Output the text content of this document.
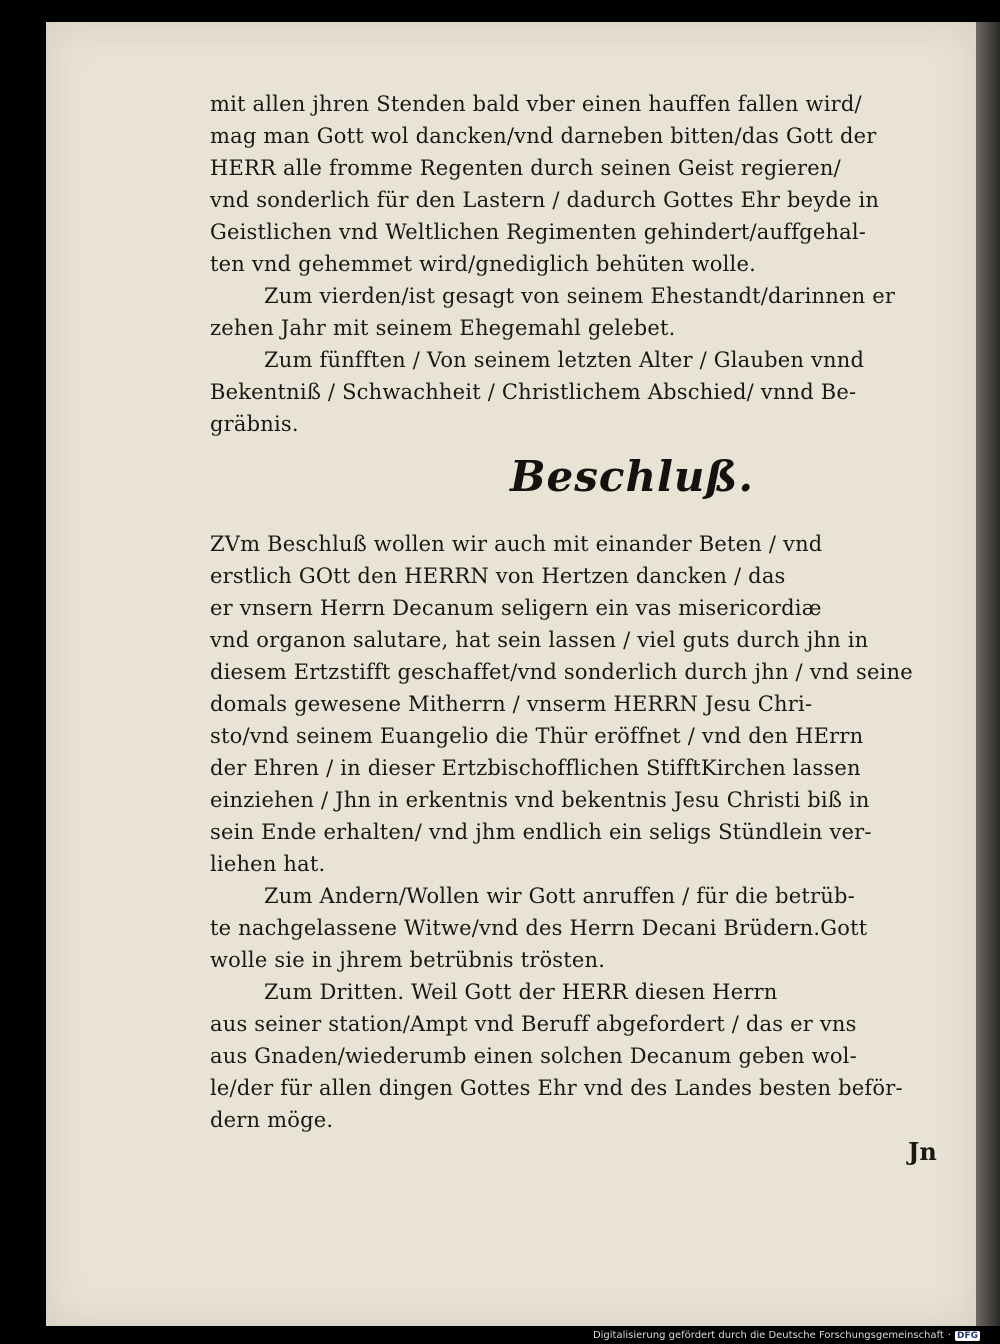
mit allen jhren Stenden bald vber einen hauffen fallen wird/
mag man Gott wol dancken/vnd darneben bitten/das Gott der
HERR alle fromme Regenten durch seinen Geist regieren/
vnd sonderlich für den Lastern / dadurch Gottes Ehr beyde in
Geistlichen vnd Weltlichen Regimenten gehindert/auffgehal-
ten vnd gehemmet wird/gnediglich behüten wolle.
Zum vierden/ist gesagt von seinem Ehestandt/darinnen er
zehen Jahr mit seinem Ehegemahl gelebet.
Zum fünfften / Von seinem letzten Alter / Glauben vnnd
Bekentniß / Schwachheit / Christlichem Abschied/ vnnd Be-
gräbnis.
Beschluß.
ZVm Beschluß wollen wir auch mit einander Beten / vnd
erstlich GOtt den HERRN von Hertzen dancken / das
er vnsern Herrn Decanum seligern ein vas misericordiæ
vnd organon salutare, hat sein lassen / viel guts durch jhn in
diesem Ertzstifft geschaffet/vnd sonderlich durch jhn / vnd seine
domals gewesene Mitherrn / vnserm HERRN Jesu Chri-
sto/vnd seinem Euangelio die Thür eröffnet / vnd den HErrn
der Ehren / in dieser Ertzbischofflichen StifftKirchen lassen
einziehen / Jhn in erkentnis vnd bekentnis Jesu Christi biß in
sein Ende erhalten/ vnd jhm endlich ein seligs Stündlein ver-
liehen hat.
Zum Andern/Wollen wir Gott anruffen / für die betrüb-
te nachgelassene Witwe/vnd des Herrn Decani Brüdern.Gott
wolle sie in jhrem betrübnis trösten.
Zum Dritten. Weil Gott der HERR diesen Herrn
aus seiner station/Ampt vnd Beruff abgefordert / das er vns
aus Gnaden/wiederumb einen solchen Decanum geben wol-
le/der für allen dingen Gottes Ehr vnd des Landes besten beför-
dern möge.
Jn
Digitalisierung gefördert durch die Deutsche Forschungsgemeinschaft · DFG
